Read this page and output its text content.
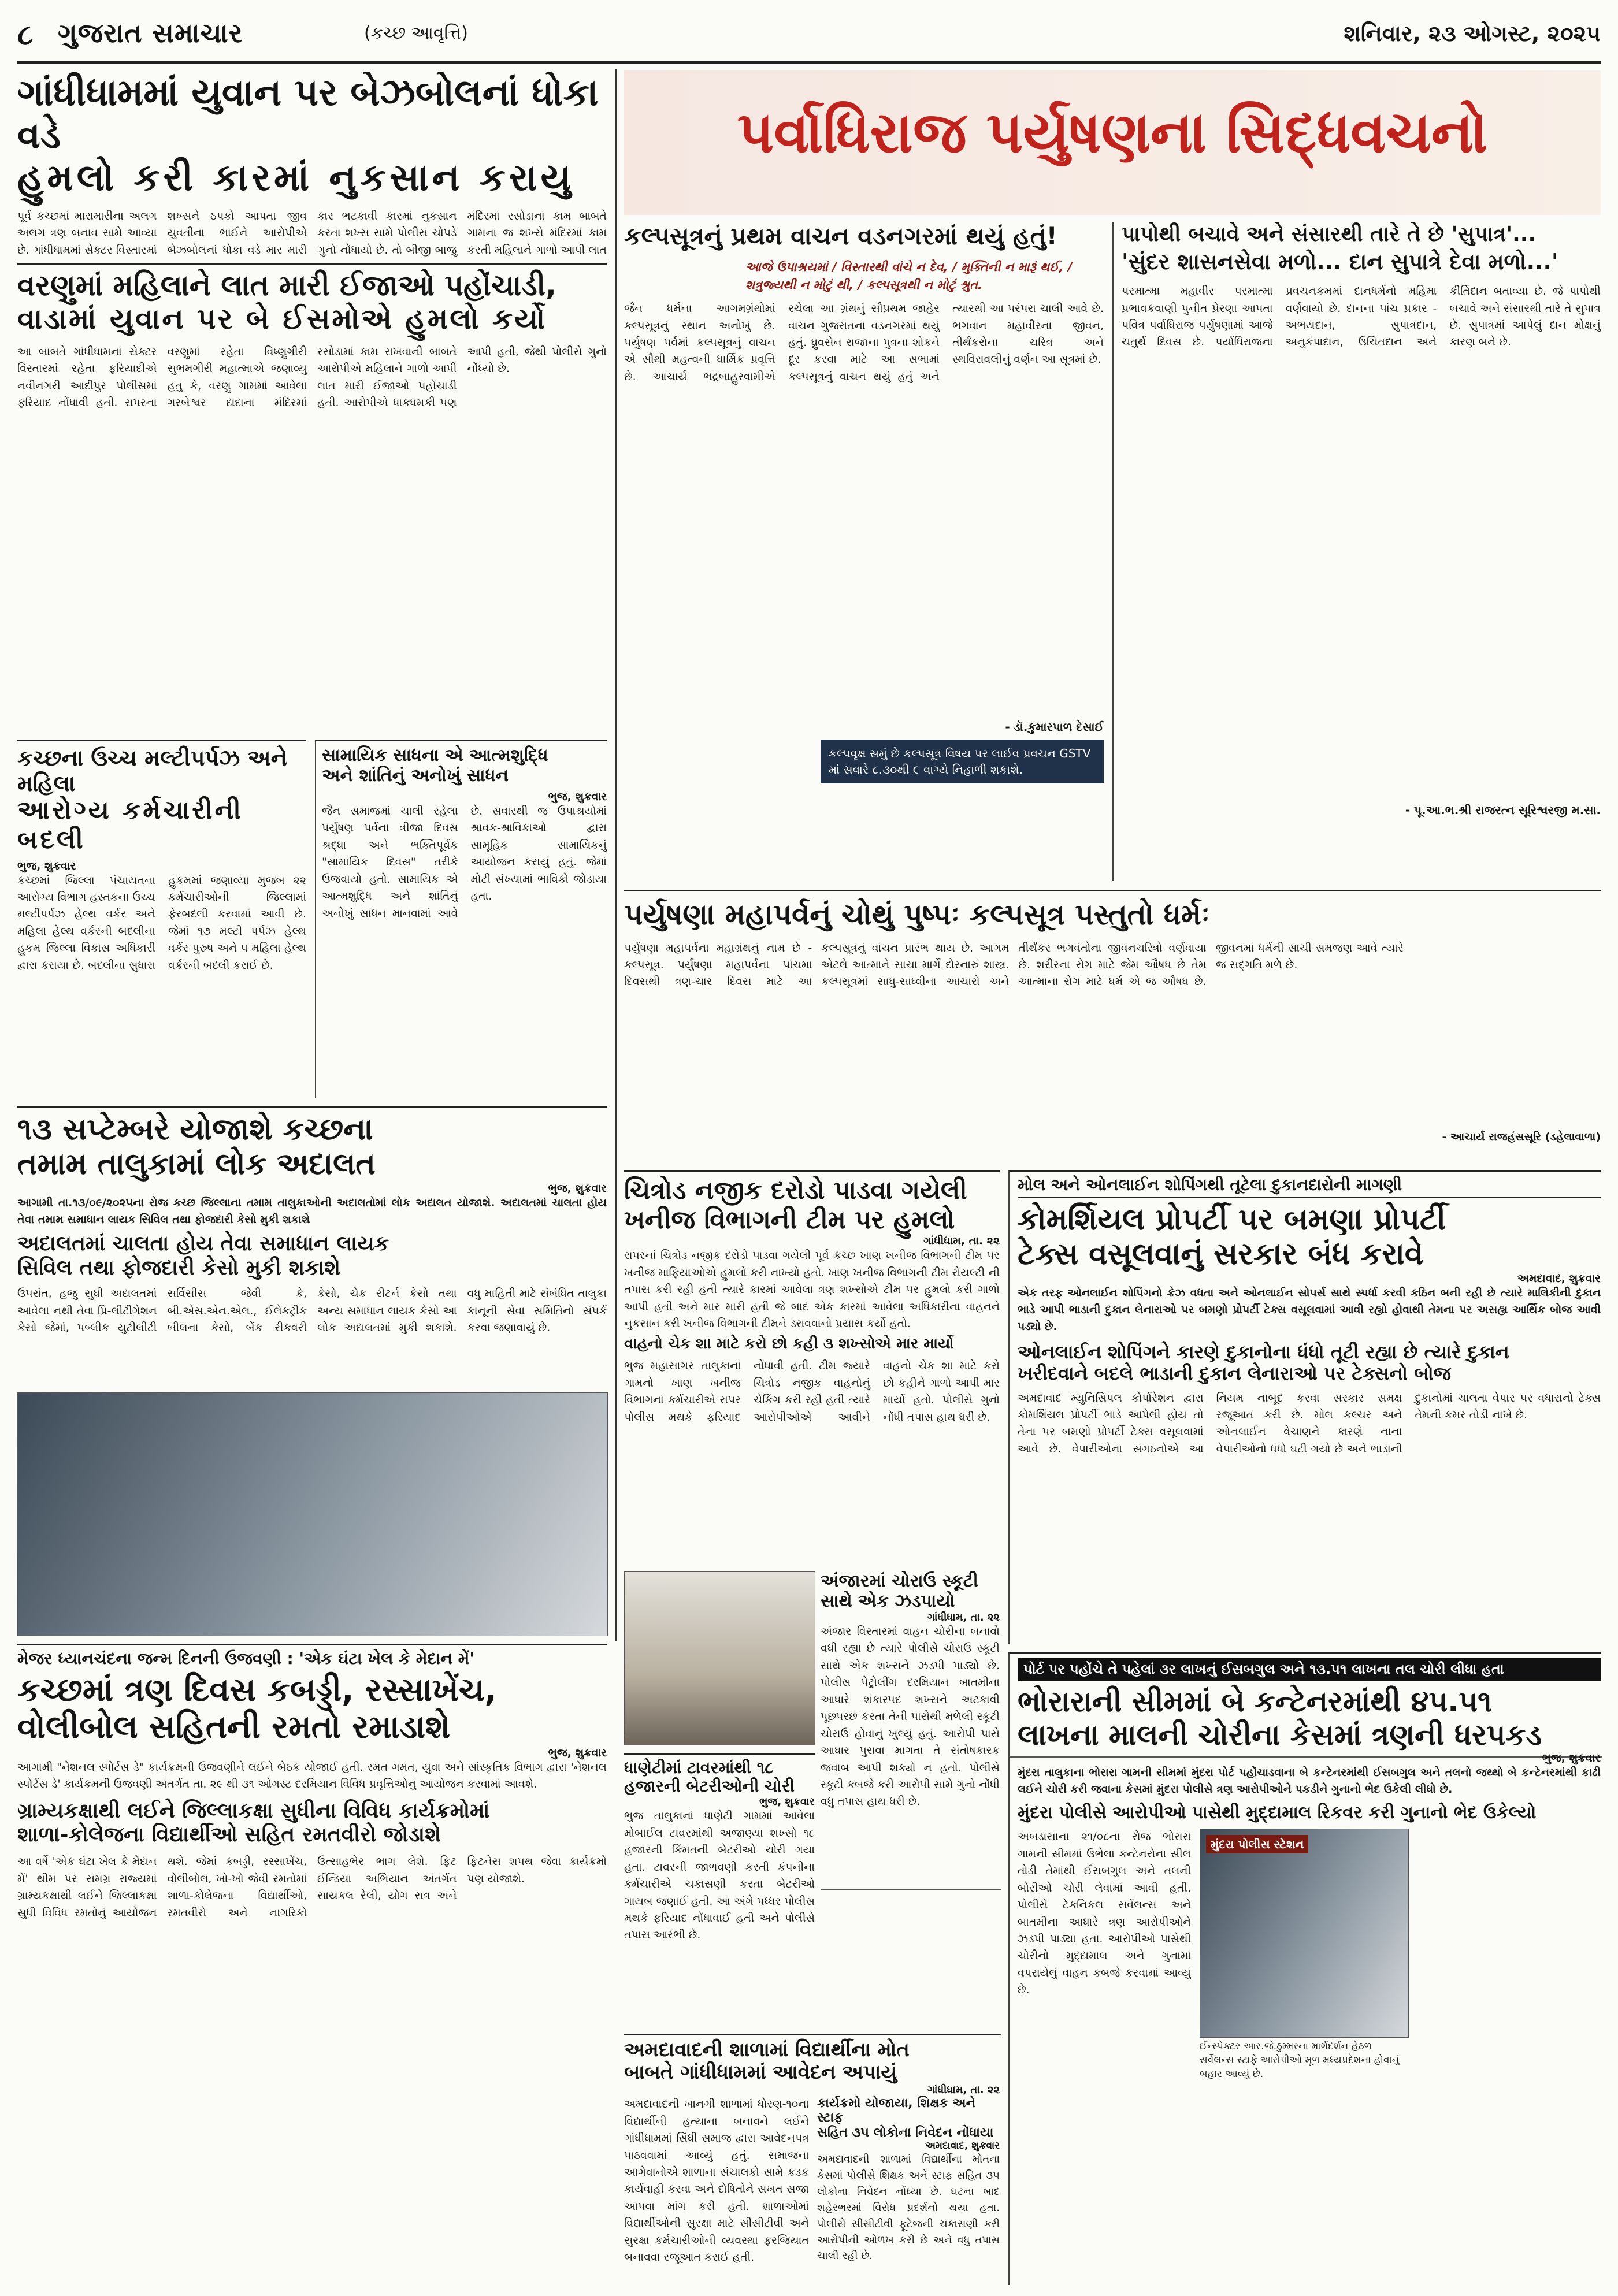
૮ ગુજરાત સમાચાર	(કચ્છ આવૃત્તિ)	શનિવાર, ૨૩ ઓગસ્ટ, ૨૦૨૫
ગાંધીધામમાં યુવાન પર બેઝબોલનાં ધોકા વડે
હુમલો કરી કારમાં નુકસાન કરાયુ
પૂર્વ કચ્છમાં મારામારીના અલગ અલગ ત્રણ બનાવ સામે આવ્યા છે. ગાંધીધામમાં સેક્ટર વિસ્તારમાં શખ્સને ઠપકો આપતા જીવ યુવતીના ભાઈને આરોપીએ બેઝબોલનાં ધોકા વડે માર મારી કાર ભટકાવી કારમાં નુકસાન કરતા શખ્સ સામે પોલીસ ચોપડે ગુનો નોંધાયો છે. તો બીજી બાજુ મંદિરમાં રસોડાનાં કામ બાબતે ગામના જ શખ્સે મંદિરમાં કામ કરતી મહિલાને ગાળો આપી લાત
વરણુમાં મહિલાને લાત મારી ઈજાઓ પહોંચાડી,
વાડામાં યુવાન પર બે ઈસમોએ હુમલો કર્યો
આ બાબતે ગાંધીધામનાં સેક્ટર વિસ્તારમાં રહેતા ફરિયાદીએ નવીનગરી આદીપુર પોલીસમાં ફરિયાદ નોંધાવી હતી. રાપરના વરણુમાં રહેતા વિષ્ણુગીરી સુભમગીરી મહાત્માએ જણાવ્યુ હતુ કે, વરણુ ગામમાં આવેલા ગરબેશ્વર દાદાના મંદિરમાં રસોડામાં કામ રાખવાની બાબતે આરોપીએ મહિલાને ગાળો આપી લાત મારી ઈજાઓ પહોંચાડી હતી. આરોપીએ ધાકધમકી પણ આપી હતી, જેથી પોલીસે ગુનો નોંધ્યો છે.
કચ્છના ઉચ્ચ મલ્ટીપર્પઝ અને મહિલા
આરોગ્ય કર્મચારીની બદલી
ભુજ, શુક્રવાર
કચ્છમાં જિલ્લા પંચાયતના આરોગ્ય વિભાગ હસ્તકના ઉચ્ચ મલ્ટીપર્પઝ હેલ્થ વર્કર અને મહિલા હેલ્થ વર્કરની બદલીના હુકમ જિલ્લા વિકાસ અધિકારી દ્વારા કરાયા છે. બદલીના સુધારા હુકમમાં જણાવ્યા મુજબ ૨૨ કર્મચારીઓની જિલ્લામાં ફેરબદલી કરવામાં આવી છે. જેમાં ૧૭ મલ્ટી પર્પઝ હેલ્થ વર્કર પુરુષ અને ૫ મહિલા હેલ્થ વર્કરની બદલી કરાઈ છે.
સામાયિક સાધના એ આત્મશુદ્ધિ
અને શાંતિનું અનોખું સાધન
ભુજ, શુક્રવાર
જૈન સમાજમાં ચાલી રહેલા પર્યુષણ પર્વના ત્રીજા દિવસ શ્રદ્ધા અને ભક્તિપૂર્વક "સામાયિક દિવસ" તરીકે ઉજવાયો હતો. સામાયિક એ આત્મશુદ્ધિ અને શાંતિનું અનોખું સાધન માનવામાં આવે છે. સવારથી જ ઉપાશ્રયોમાં શ્રાવક-શ્રાવિકાઓ દ્વારા સામૂહિક સામાયિકનું આયોજન કરાયું હતું. જેમાં મોટી સંખ્યામાં ભાવિકો જોડાયા હતા.
૧૩ સપ્ટેમ્બરે યોજાશે કચ્છના
તમામ તાલુકામાં લોક અદાલત
ભુજ, શુક્રવાર
આગામી તા.૧૩/૦૯/૨૦૨૫ના રોજ કચ્છ જિલ્લાના તમામ તાલુકાઓની અદાલતોમાં લોક અદાલત યોજાશે. અદાલતમાં ચાલતા હોય તેવા તમામ સમાધાન લાયક સિવિલ તથા ફોજદારી કેસો મુકી શકાશે
અદાલતમાં ચાલતા હોય તેવા સમાધાન લાયક
સિવિલ તથા ફોજદારી કેસો મુકી શકાશે
ઉપરાંત, હજુ સુધી અદાલતમાં આવેલા નથી તેવા પ્રિ-લીટીગેશન કેસો જેમાં, પબ્લીક યુટીલીટી સર્વિસીસ જેવી કે, બી.એસ.એન.એલ., ઈલેકટ્રીક બીલના કેસો, બેંક રીકવરી કેસો, ચેક રીટર્ન કેસો તથા અન્ય સમાધાન લાયક કેસો આ લોક અદાલતમાં મુકી શકાશે. વધુ માહિતી માટે સંબંધિત તાલુકા કાનૂની સેવા સમિતિનો સંપર્ક કરવા જણાવાયું છે.
મેજર ધ્યાનચંદના જન્મ દિનની ઉજવણી : 'એક ઘંટા ખેલ કે મેદાન મેં'
કચ્છમાં ત્રણ દિવસ કબડ્ડી, રસ્સાખેંચ,
વોલીબોલ સહિતની રમતો રમાડાશે
ભુજ, શુક્રવાર
આગામી "નેશનલ સ્પોર્ટસ ડે" કાર્યક્રમની ઉજવણીને લઈને બેઠક યોજાઈ હતી. રમત ગમત, યુવા અને સાંસ્કૃતિક વિભાગ દ્વારા 'નેશનલ સ્પોર્ટસ ડે' કાર્યક્રમની ઉજવણી અંતર્ગત તા. ૨૯ થી ૩૧ ઓગસ્ટ દરમિયાન વિવિધ પ્રવૃત્તિઓનું આયોજન કરવામાં આવશે.
ગ્રામ્યકક્ષાથી લઈને જિલ્લાકક્ષા સુધીના વિવિધ કાર્યક્રમોમાં
શાળા-કોલેજના વિદ્યાર્થીઓ સહિત રમતવીરો જોડાશે
આ વર્ષે 'એક ઘંટા ખેલ કે મેદાન મેં' થીમ પર સમગ્ર રાજ્યમાં ગ્રામ્યકક્ષાથી લઈને જિલ્લાકક્ષા સુધી વિવિધ રમતોનું આયોજન થશે. જેમાં કબડ્ડી, રસ્સાખેંચ, વોલીબોલ, ખો-ખો જેવી રમતોમાં શાળા-કોલેજના વિદ્યાર્થીઓ, રમતવીરો અને નાગરિકો ઉત્સાહભેર ભાગ લેશે. ફિટ ઈન્ડિયા અભિયાન અંતર્ગત સાયકલ રેલી, યોગ સત્ર અને ફિટનેસ શપથ જેવા કાર્યક્રમો પણ યોજાશે.
પર્વાધિરાજ પર્યુષણના સિદ્ધવચનો
કલ્પસૂત્રનું પ્રથમ વાચન વડનગરમાં થયું હતું!
આજે ઉપાશ્રયમાં / વિસ્તારથી વાંચે ન દેવ, / મુક્તિની ન મારૂં થઈ, / શત્રુજ્યથી ન મોટું થી, / કલ્પસૂત્રથી ન મોટું શ્રુત.
જૈન ધર્મના આગમગ્રંથોમાં કલ્પસૂત્રનું સ્થાન અનોખું છે. પર્યુષણ પર્વમાં કલ્પસૂત્રનું વાચન એ સૌથી મહત્વની ધાર્મિક પ્રવૃત્તિ છે. આચાર્ય ભદ્રબાહુસ્વામીએ રચેલા આ ગ્રંથનું સૌપ્રથમ જાહેર વાચન ગુજરાતના વડનગરમાં થયું હતું. ધ્રુવસેન રાજાના પુત્રના શોકને દૂર કરવા માટે આ સભામાં કલ્પસૂત્રનું વાચન થયું હતું અને ત્યારથી આ પરંપરા ચાલી આવે છે. ભગવાન મહાવીરના જીવન, તીર્થંકરોના ચરિત્ર અને સ્થવિરાવલીનું વર્ણન આ સૂત્રમાં છે.
- ડૉ.કુમારપાળ દેસાઈ
કલ્પવૃક્ષ સમું છે કલ્પસૂત્ર વિષય પર લાઈવ પ્રવચન GSTV માં સવારે ૮.૩૦થી ૯ વાગ્યે નિહાળી શકાશે.
પાપોથી બચાવે અને સંસારથી તારે તે છે 'સુપાત્ર'...
'સુંદર શાસનસેવા મળો... દાન સુપાત્રે દેવા મળો...'
પરમાત્મા મહાવીર પરમાત્મા પ્રભાવકવાણી પુનીત પ્રેરણા આપતા પવિત્ર પર્વાધિરાજ પર્યુષણામાં આજે ચતુર્થ દિવસ છે. પર્યાધિરાજના પ્રવચનક્રમમાં દાનધર્મનો મહિમા વર્ણવાયો છે. દાનના પાંચ પ્રકાર - અભયદાન, સુપાત્રદાન, અનુકંપાદાન, ઉચિતદાન અને કીર્તિદાન બતાવ્યા છે. જે પાપોથી બચાવે અને સંસારથી તારે તે સુપાત્ર છે. સુપાત્રમાં આપેલું દાન મોક્ષનું કારણ બને છે.
- પૂ.આ.ભ.શ્રી રાજરત્ન સૂરિશ્વરજી મ.સા.
પર્યુષણા મહાપર્વનું ચોથું પુષ્પઃ કલ્પસૂત્ર પસ્તુતો ધર્મઃ
પર્યુષણા મહાપર્વના મહાગ્રંથનું નામ છે - કલ્પસૂત્ર. પર્યુષણા મહાપર્વના પાંચમા દિવસથી ત્રણ-ચાર દિવસ માટે આ કલ્પસૂત્રનું વાંચન પ્રારંભ થાય છે. આગમ એટલે આત્માને સાચા માર્ગે દોરનારું શાસ્ત્ર. કલ્પસૂત્રમાં સાધુ-સાધ્વીના આચારો અને તીર્થંકર ભગવંતોના જીવનચરિત્રો વર્ણવાયા છે. શરીરના રોગ માટે જેમ ઔષધ છે તેમ આત્માના રોગ માટે ધર્મ એ જ ઔષધ છે. જીવનમાં ધર્મની સાચી સમજણ આવે ત્યારે જ સદ્ગતિ મળે છે.
- આચાર્ય રાજહંસસૂરિ (ડહેલાવાળા)
ચિત્રોડ નજીક દરોડો પાડવા ગયેલી
ખનીજ વિભાગની ટીમ પર હુમલો
ગાંધીધામ, તા. ૨૨
રાપરનાં ચિત્રોડ નજીક દરોડો પાડવા ગયેલી પૂર્વ કચ્છ ખાણ ખનીજ વિભાગની ટીમ પર ખનીજ માફિયાઓએ હુમલો કરી નાખ્યો હતો. ખાણ ખનીજ વિભાગની ટીમ રોયલ્ટી ની તપાસ કરી રહી હતી ત્યારે કારમાં આવેલા ત્રણ શખ્સોએ ટીમ પર હુમલો કરી ગાળો આપી હતી અને માર મારી હતી જે બાદ એક કારમાં આવેલા અધિકારીના વાહનને નુકસાન કરી ખનીજ વિભાગની ટીમને ડરાવવાનો પ્રયાસ કર્યો હતો.
વાહનો ચેક શા માટે કરો છો કહી ૩ શખ્સોએ માર માર્યો
ભુજ મહાસાગર તાલુકાનાં ગામનો ખાણ ખનીજ વિભાગનાં કર્મચારીએ રાપર પોલીસ મથકે ફરિયાદ નોંધાવી હતી. ટીમ જ્યારે ચિત્રોડ નજીક વાહનોનું ચેકિંગ કરી રહી હતી ત્યારે આરોપીઓએ આવીને વાહનો ચેક શા માટે કરો છો કહીને ગાળો આપી માર માર્યો હતો. પોલીસે ગુનો નોંધી તપાસ હાથ ધરી છે.
અંજારમાં ચોરાઉ સ્કૂટી
સાથે એક ઝડપાયો
ગાંધીધામ, તા. ૨૨
અંજાર વિસ્તારમાં વાહન ચોરીના બનાવો વધી રહ્યા છે ત્યારે પોલીસે ચોરાઉ સ્કૂટી સાથે એક શખ્સને ઝડપી પાડ્યો છે. પોલીસ પેટ્રોલીંગ દરમિયાન બાતમીના આધારે શંકાસ્પદ શખ્સને અટકાવી પૂછપરછ કરતા તેની પાસેથી મળેલી સ્કૂટી ચોરાઉ હોવાનું ખુલ્યું હતું. આરોપી પાસે આધાર પુરાવા માગતા તે સંતોષકારક જવાબ આપી શક્યો ન હતો. પોલીસે સ્કૂટી કબજે કરી આરોપી સામે ગુનો નોંધી વધુ તપાસ હાથ ધરી છે.
ધાણેટીમાં ટાવરમાંથી ૧૮
હજારની બેટરીઓની ચોરી
ભુજ, શુક્રવાર
ભુજ તાલુકાનાં ધાણેટી ગામમાં આવેલા મોબાઈલ ટાવરમાંથી અજાણ્યા શખ્સો ૧૮ હજારની કિંમતની બેટરીઓ ચોરી ગયા હતા. ટાવરની જાળવણી કરતી કંપનીના કર્મચારીએ ચકાસણી કરતા બેટરીઓ ગાયબ જણાઈ હતી. આ અંગે પધ્ધર પોલીસ મથકે ફરિયાદ નોંધાવાઈ હતી અને પોલીસે તપાસ આરંભી છે.
મોલ અને ઓનલાઈન શોપિંગથી તૂટેલા દુકાનદારોની માગણી
કોમર્શિયલ પ્રોપર્ટી પર બમણા પ્રોપર્ટી
ટેક્સ વસૂલવાનું સરકાર બંધ કરાવે
અમદાવાદ, શુક્રવાર
એક તરફ ઓનલાઈન શોપિંગનો ક્રેઝ વધતા અને ઓનલાઈન સોપર્સ સાથે સ્પર્ધા કરવી કઠિન બની રહી છે ત્યારે માલિકીની દુકાન ભાડે આપી ભાડાની દુકાન લેનારાઓ પર બમણો પ્રોપર્ટી ટેક્સ વસૂલવામાં આવી રહ્યો હોવાથી તેમના પર અસહ્ય આર્થિક બોજ આવી પડ્યો છે.
ઓનલાઈન શોપિંગને કારણે દુકાનોના ધંધો તૂટી રહ્યા છે ત્યારે દુકાન
ખરીદવાને બદલે ભાડાની દુકાન લેનારાઓ પર ટેક્સનો બોજ
અમદાવાદ મ્યુનિસિપલ કોર્પોરેશન દ્વારા કોમર્શિયલ પ્રોપર્ટી ભાડે આપેલી હોય તો તેના પર બમણો પ્રોપર્ટી ટેક્સ વસૂલવામાં આવે છે. વેપારીઓના સંગઠનોએ આ નિયમ નાબૂદ કરવા સરકાર સમક્ષ રજૂઆત કરી છે. મોલ કલ્ચર અને ઓનલાઈન વેચાણને કારણે નાના વેપારીઓનો ધંધો ઘટી ગયો છે અને ભાડાની દુકાનોમાં ચાલતા વેપાર પર વધારાનો ટેક્સ તેમની કમર તોડી નાખે છે.
પોર્ટ પર પહોંચે તે પહેલાં ૩ર લાખનું ઈસબગુલ અને ૧૩.૫૧ લાખના તલ ચોરી લીધા હતા
ભોરારાની સીમમાં બે કન્ટેનરમાંથી ૪૫.૫૧
લાખના માલની ચોરીના કેસમાં ત્રણની ધરપકડ
ભુજ, શુક્રવાર
મુંદરા તાલુકાના ભોરારા ગામની સીમમાં મુંદરા પોર્ટ પહોંચાડવાના બે કન્ટેનરમાંથી ઈસબગુલ અને તલનો જથ્થો બે કન્ટેનરમાંથી કાઢી લઈને ચોરી કરી જવાના કેસમાં મુંદરા પોલીસે ત્રણ આરોપીઓને પકડીને ગુનાનો ભેદ ઉકેલી લીધો છે.
મુંદરા પોલીસે આરોપીઓ પાસેથી મુદ્દામાલ રિકવર કરી ગુનાનો ભેદ ઉકેલ્યો
અબડાસાના ૨૧/૦૮ના રોજ ભોરારા ગામની સીમમાં ઉભેલા કન્ટેનરોના સીલ તોડી તેમાંથી ઈસબગુલ અને તલની બોરીઓ ચોરી લેવામાં આવી હતી. પોલીસે ટેકનિકલ સર્વેલન્સ અને બાતમીના આધારે ત્રણ આરોપીઓને ઝડપી પાડ્યા હતા. આરોપીઓ પાસેથી ચોરીનો મુદ્દામાલ અને ગુનામાં વપરાયેલું વાહન કબજે કરવામાં આવ્યું છે.
મુંદરા પોલીસ સ્ટેશન
ઈન્સ્પેક્ટર આર.જે.ઠુમ્મરના માર્ગદર્શન હેઠળ સર્વેલન્સ સ્ટાફે આરોપીઓ મૂળ મધ્યપ્રદેશના હોવાનું બહાર આવ્યું છે.
અમદાવાદની શાળામાં વિદ્યાર્થીના મોત
બાબતે ગાંધીધામમાં આવેદન અપાયું
ગાંધીધામ, તા. ૨૨
અમદાવાદની ખાનગી શાળામાં ધોરણ-૧૦ના વિદ્યાર્થીની હત્યાના બનાવને લઈને ગાંધીધામમાં સિંધી સમાજ દ્વારા આવેદનપત્ર પાઠવવામાં આવ્યું હતું. સમાજના આગેવાનોએ શાળાના સંચાલકો સામે કડક કાર્યવાહી કરવા અને દોષિતોને સખત સજા આપવા માંગ કરી હતી. શાળાઓમાં વિદ્યાર્થીઓની સુરક્ષા માટે સીસીટીવી અને સુરક્ષા કર્મચારીઓની વ્યવસ્થા ફરજિયાત બનાવવા રજૂઆત કરાઈ હતી.
કાર્યક્રમો યોજાયા, શિક્ષક અને સ્ટાફ
સહિત ૩૫ લોકોના નિવેદન નોંધાયા
અમદાવાદ, શુક્રવાર
અમદાવાદની શાળામાં વિદ્યાર્થીના મોતના કેસમાં પોલીસે શિક્ષક અને સ્ટાફ સહિત ૩૫ લોકોના નિવેદન નોંધ્યા છે. ઘટના બાદ શહેરભરમાં વિરોધ પ્રદર્શનો થયા હતા. પોલીસે સીસીટીવી ફૂટેજની ચકાસણી કરી આરોપીની ઓળખ કરી છે અને વધુ તપાસ ચાલી રહી છે.
